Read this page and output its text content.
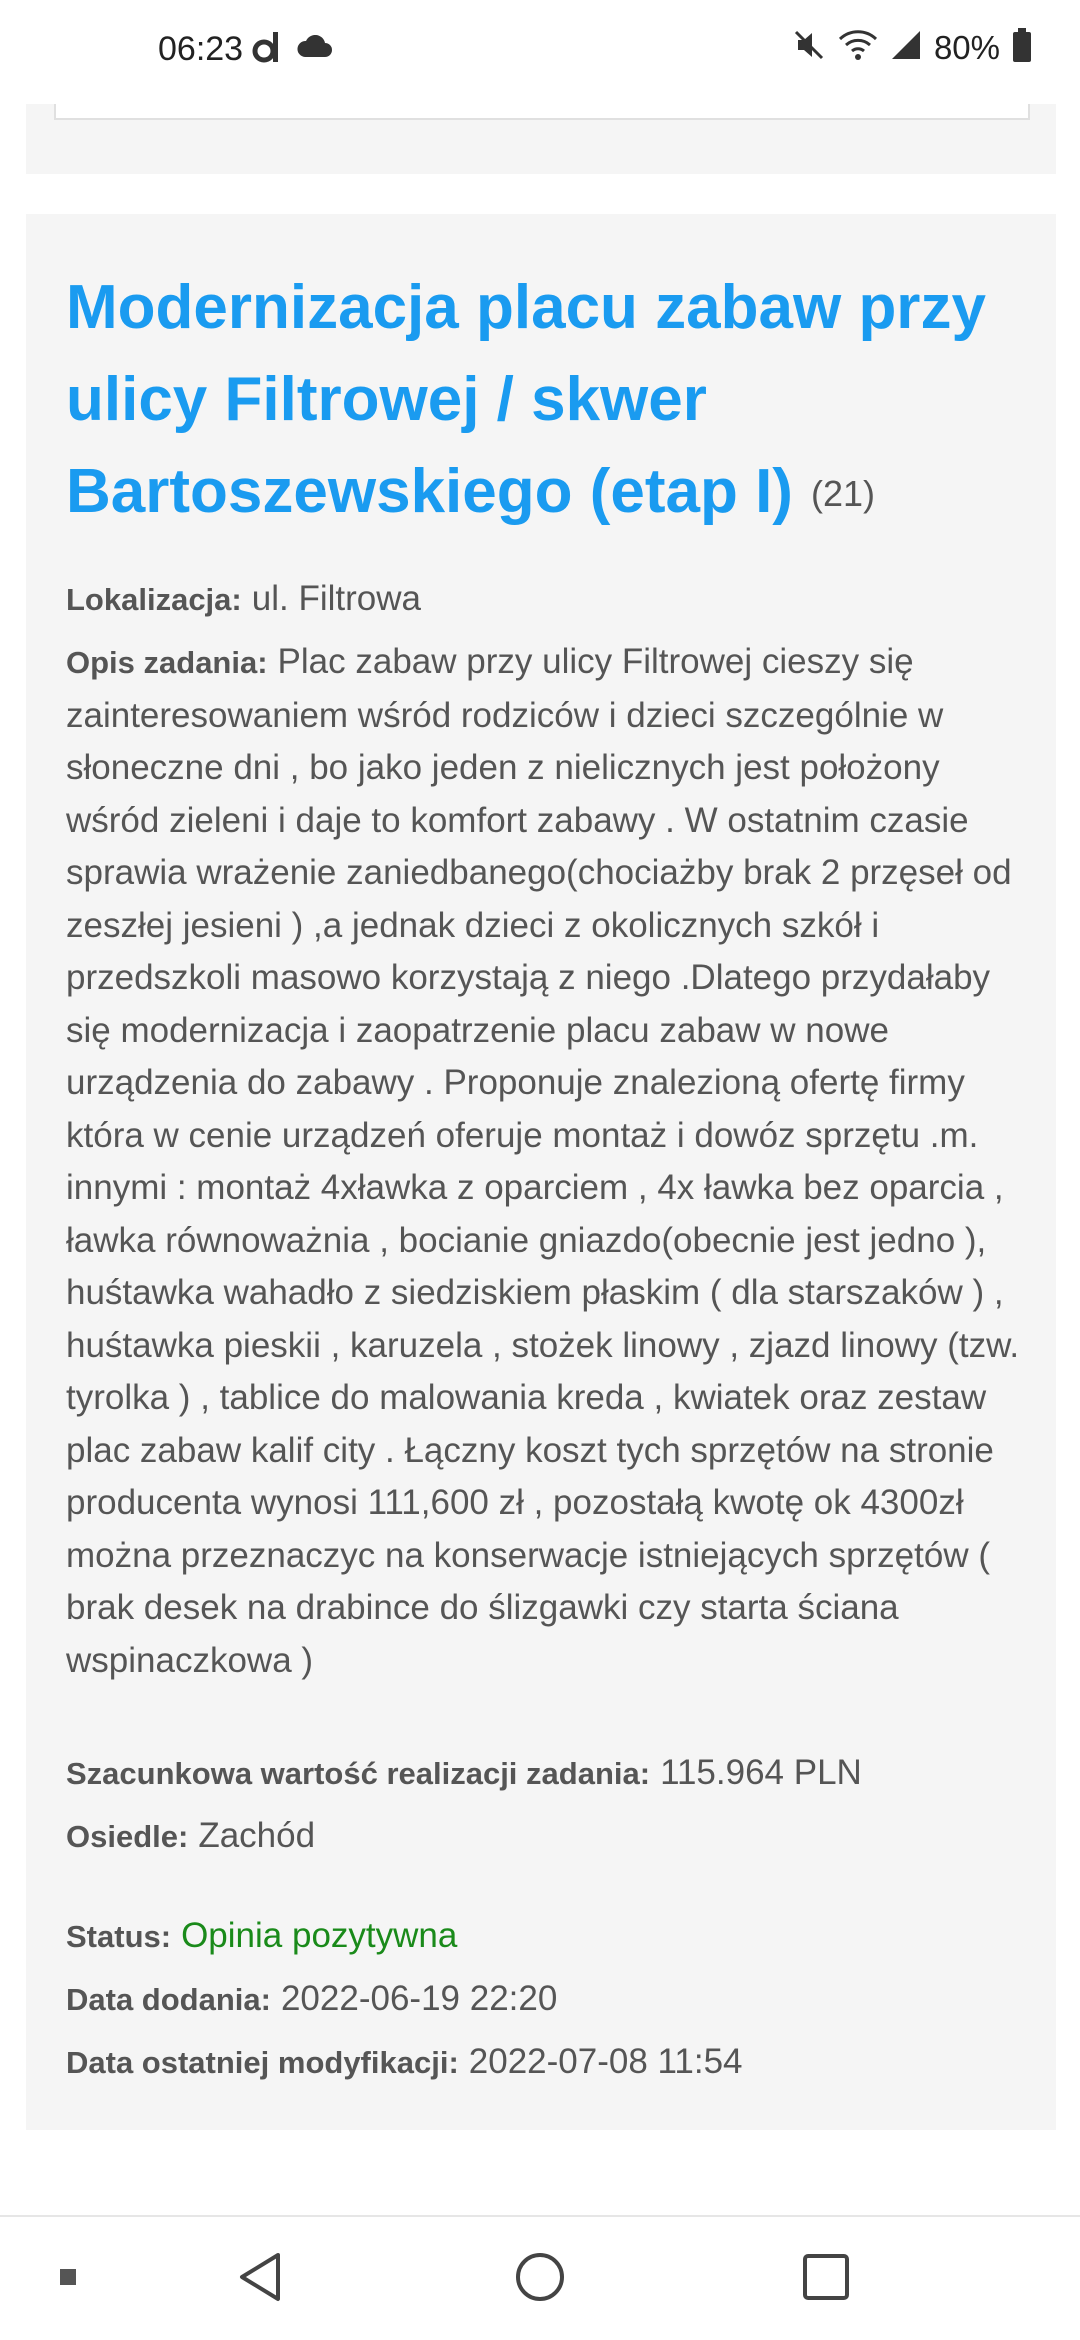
06:23	80%
Modernizacja placu zabaw przy ulicy Filtrowej / skwer Bartoszewskiego (etap I) (21)
Lokalizacja: ul. Filtrowa
Opis zadania: Plac zabaw przy ulicy Filtrowej cieszy się zainteresowaniem wśród rodziców i dzieci szczególnie w słoneczne dni , bo jako jeden z nielicznych jest położony wśród zieleni i daje to komfort zabawy . W ostatnim czasie sprawia wrażenie zaniedbanego(chociażby brak 2 przęseł od zeszłej jesieni ) ,a jednak dzieci z okolicznych szkół i przedszkoli masowo korzystają z niego .Dlatego przydałaby się modernizacja i zaopatrzenie placu zabaw w nowe urządzenia do zabawy . Proponuje znalezioną ofertę firmy która w cenie urządzeń oferuje montaż i dowóz sprzętu .m. innymi : montaż 4xławka z oparciem , 4x ławka bez oparcia , ławka równoważnia , bocianie gniazdo(obecnie jest jedno ), huśtawka wahadło z siedziskiem płaskim ( dla starszaków ) , huśtawka pieskii , karuzela , stożek linowy , zjazd linowy (tzw. tyrolka ) , tablice do malowania kreda , kwiatek oraz zestaw plac zabaw kalif city . Łączny koszt tych sprzętów na stronie producenta wynosi 111,600 zł , pozostałą kwotę ok 4300zł można przeznaczyc na konserwacje istniejących sprzętów ( brak desek na drabince do ślizgawki czy starta ściana wspinaczkowa )
Szacunkowa wartość realizacji zadania: 115.964 PLN
Osiedle: Zachód
Status: Opinia pozytywna
Data dodania: 2022-06-19 22:20
Data ostatniej modyfikacji: 2022-07-08 11:54
